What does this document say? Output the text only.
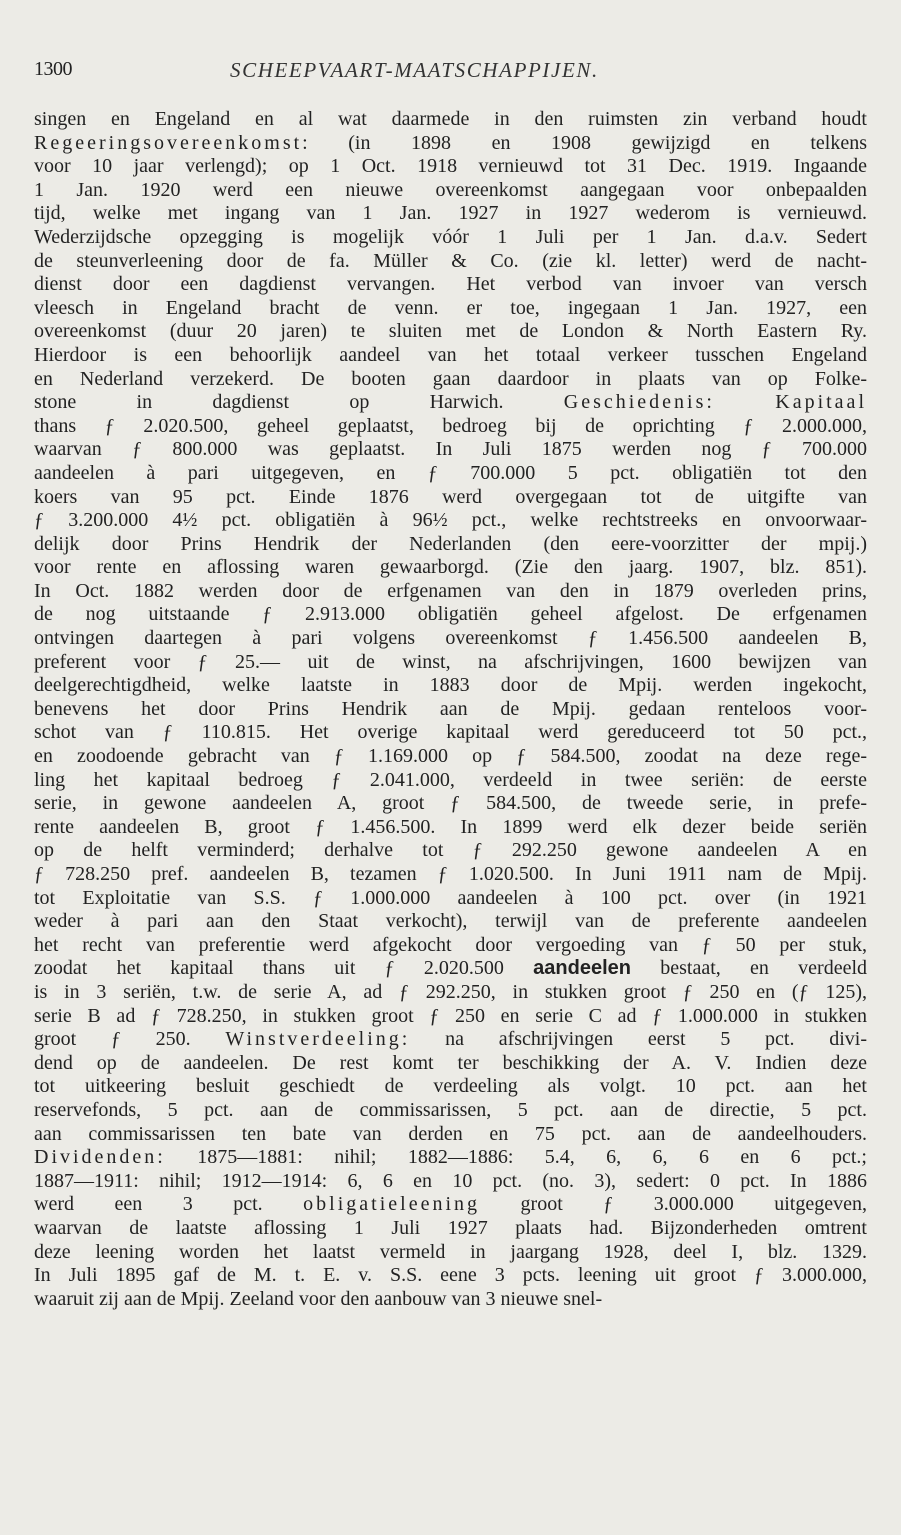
1300	SCHEEPVAART-MAATSCHAPPIJEN.
singen en Engeland en al wat daarmede in den ruimsten zin verband houdt
Regeeringsovereenkomst: (in 1898 en 1908 gewijzigd en telkens
voor 10 jaar verlengd); op 1 Oct. 1918 vernieuwd tot 31 Dec. 1919. Ingaande
1 Jan. 1920 werd een nieuwe overeenkomst aangegaan voor onbepaalden
tijd, welke met ingang van 1 Jan. 1927 in 1927 wederom is vernieuwd.
Wederzijdsche opzegging is mogelijk vóór 1 Juli per 1 Jan. d.a.v. Sedert
de steunverleening door de fa. Müller & Co. (zie kl. letter) werd de nacht-
dienst door een dagdienst vervangen. Het verbod van invoer van versch
vleesch in Engeland bracht de venn. er toe, ingegaan 1 Jan. 1927, een
overeenkomst (duur 20 jaren) te sluiten met de London & North Eastern Ry.
Hierdoor is een behoorlijk aandeel van het totaal verkeer tusschen Engeland
en Nederland verzekerd. De booten gaan daardoor in plaats van op Folke-
stone in dagdienst op Harwich.	Geschiedenis:	Kapitaal
thans ƒ 2.020.500, geheel geplaatst, bedroeg bij de oprichting ƒ 2.000.000,
waarvan ƒ 800.000 was geplaatst. In Juli 1875 werden nog ƒ 700.000
aandeelen à pari uitgegeven, en ƒ 700.000 5 pct. obligatiën tot den
koers van 95 pct. Einde 1876 werd overgegaan tot de uitgifte van
ƒ 3.200.000 4½ pct. obligatiën à 96½ pct., welke rechtstreeks en onvoorwaar-
delijk door Prins Hendrik der Nederlanden (den eere-voorzitter der mpij.)
voor rente en aflossing waren gewaarborgd. (Zie den jaarg. 1907, blz. 851).
In Oct. 1882 werden door de erfgenamen van den in 1879 overleden prins,
de nog uitstaande ƒ 2.913.000 obligatiën geheel afgelost. De erfgenamen
ontvingen daartegen à pari volgens overeenkomst ƒ 1.456.500 aandeelen B,
preferent voor ƒ 25.— uit de winst, na afschrijvingen, 1600 bewijzen van
deelgerechtigdheid, welke laatste in 1883 door de Mpij. werden ingekocht,
benevens het door Prins Hendrik aan de Mpij. gedaan renteloos voor-
schot van ƒ 110.815. Het overige kapitaal werd gereduceerd tot 50 pct.,
en zoodoende gebracht van ƒ 1.169.000 op ƒ 584.500, zoodat na deze rege-
ling het kapitaal bedroeg ƒ 2.041.000, verdeeld in twee seriën: de eerste
serie, in gewone aandeelen A, groot ƒ 584.500, de tweede serie, in prefe-
rente aandeelen B, groot ƒ 1.456.500. In 1899 werd elk dezer beide seriën
op de helft verminderd; derhalve tot ƒ 292.250 gewone aandeelen A en
ƒ 728.250 pref. aandeelen B, tezamen ƒ 1.020.500. In Juni 1911 nam de Mpij.
tot Exploitatie van S.S. ƒ 1.000.000 aandeelen à 100 pct. over (in 1921
weder à pari aan den Staat verkocht), terwijl van de preferente aandeelen
het recht van preferentie werd afgekocht door vergoeding van ƒ 50 per stuk,
zoodat het kapitaal thans uit ƒ 2.020.500 aandeelen bestaat, en verdeeld
is in 3 seriën, t.w. de serie A, ad ƒ 292.250, in stukken groot ƒ 250 en (ƒ 125),
serie B ad ƒ 728.250, in stukken groot ƒ 250 en serie C ad ƒ 1.000.000 in stukken
groot ƒ 250. Winstverdeeling: na afschrijvingen eerst 5 pct. divi-
dend op de aandeelen. De rest komt ter beschikking der A. V. Indien deze
tot uitkeering besluit geschiedt de verdeeling als volgt. 10 pct. aan het
reservefonds, 5 pct. aan de commissarissen, 5 pct. aan de directie, 5 pct.
aan commissarissen ten bate van derden en 75 pct. aan de aandeelhouders.
Dividenden: 1875—1881: nihil; 1882—1886: 5.4, 6, 6, 6 en 6 pct.;
1887—1911: nihil; 1912—1914: 6, 6 en 10 pct. (no. 3), sedert: 0 pct. In 1886
werd een 3 pct. obligatieleening groot ƒ 3.000.000 uitgegeven,
waarvan de laatste aflossing 1 Juli 1927 plaats had. Bijzonderheden omtrent
deze leening worden het laatst vermeld in jaargang 1928, deel I, blz. 1329.
In Juli 1895 gaf de M. t. E. v. S.S. eene 3 pcts. leening uit groot ƒ 3.000.000,
waaruit zij aan de Mpij. Zeeland voor den aanbouw van 3 nieuwe snel-
